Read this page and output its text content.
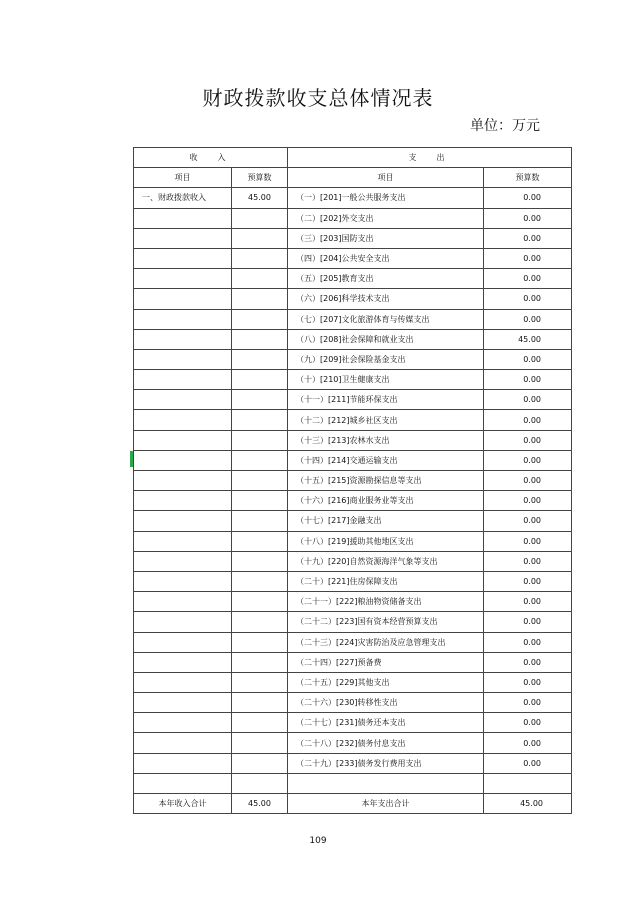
财政拨款收支总体情况表
单位：万元
收　入		支　出	
项目	预算数	项目	预算数
一、财政拨款收入	45.00	（一）[201]一般公共服务支出	0.00
		（二）[202]外交支出	0.00
		（三）[203]国防支出	0.00
		（四）[204]公共安全支出	0.00
		（五）[205]教育支出	0.00
		（六）[206]科学技术支出	0.00
		（七）[207]文化旅游体育与传媒支出	0.00
		（八）[208]社会保障和就业支出	45.00
		（九）[209]社会保险基金支出	0.00
		（十）[210]卫生健康支出	0.00
		（十一）[211]节能环保支出	0.00
		（十二）[212]城乡社区支出	0.00
		（十三）[213]农林水支出	0.00
		（十四）[214]交通运输支出	0.00
		（十五）[215]资源勘探信息等支出	0.00
		（十六）[216]商业服务业等支出	0.00
		（十七）[217]金融支出	0.00
		（十八）[219]援助其他地区支出	0.00
		（十九）[220]自然资源海洋气象等支出	0.00
		（二十）[221]住房保障支出	0.00
		（二十一）[222]粮油物资储备支出	0.00
		（二十二）[223]国有资本经营预算支出	0.00
		（二十三）[224]灾害防治及应急管理支出	0.00
		（二十四）[227]预备费	0.00
		（二十五）[229]其他支出	0.00
		（二十六）[230]转移性支出	0.00
		（二十七）[231]债务还本支出	0.00
		（二十八）[232]债务付息支出	0.00
		（二十九）[233]债务发行费用支出	0.00

本年收入合计	45.00	本年支出合计	45.00
109
